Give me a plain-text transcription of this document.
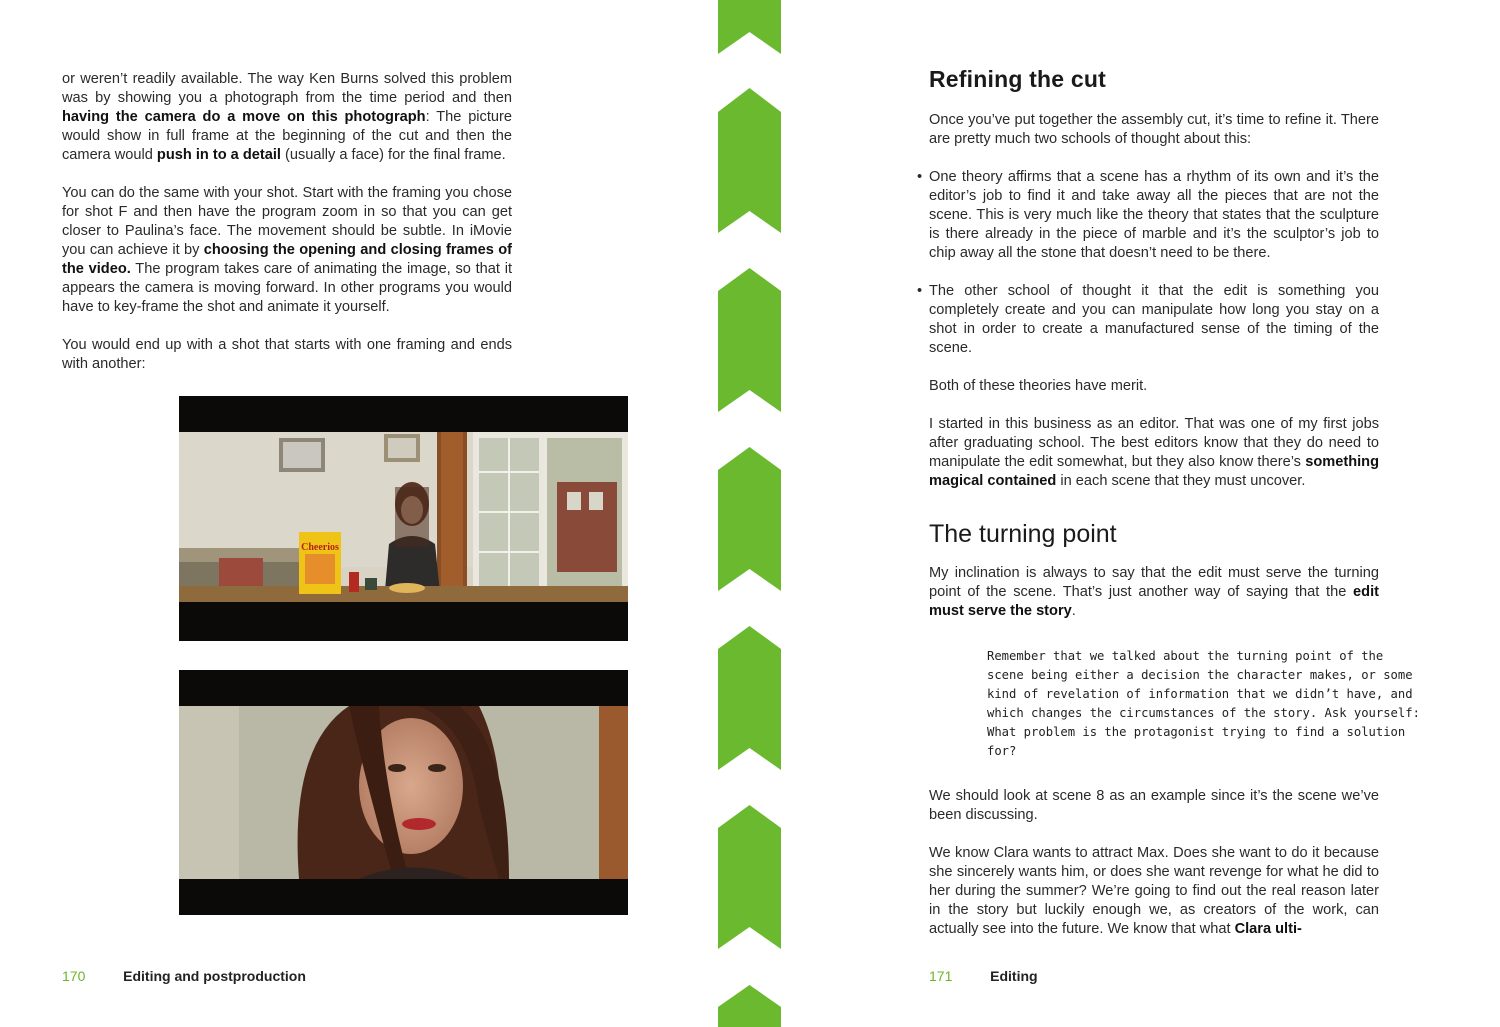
or weren’t readily available. The way Ken Burns solved this problem was by showing you a photograph from the time period and then having the camera do a move on this photograph: The picture would show in full frame at the beginning of the cut and then the camera would push in to a detail (usually a face) for the final frame.

You can do the same with your shot. Start with the framing you chose for shot F and then have the program zoom in so that you can get closer to Paulina’s face. The movement should be subtle. In iMovie you can achieve it by choosing the opening and closing frames of the video. The program takes care of animating the image, so that it appears the camera is moving forward. In other programs you would have to key-frame the shot and animate it yourself.

You would end up with a shot that starts with one framing and ends with another:

Cheerios
170	Editing and postproduction
Refining the cut

Once you’ve put together the assembly cut, it’s time to refine it. There are pretty much two schools of thought about this:

• One theory affirms that a scene has a rhythm of its own and it’s the editor’s job to find it and take away all the pieces that are not the scene. This is very much like the theory that states that the sculpture is there already in the piece of marble and it’s the sculptor’s job to chip away all the stone that doesn’t need to be there.
• The other school of thought it that the edit is something you completely create and you can manipulate how long you stay on a shot in order to create a manufactured sense of the timing of the scene.

Both of these theories have merit.

I started in this business as an editor. That was one of my first jobs after graduating school. The best editors know that they do need to manipulate the edit somewhat, but they also know there’s something magical contained in each scene that they must uncover.

The turning point

My inclination is always to say that the edit must serve the turning point of the scene. That’s just another way of saying that the edit must serve the story.

Remember that we talked about the turning point of the scene being either a decision the character makes, or some kind of revelation of information that we didn’t have, and which changes the circumstances of the story. Ask yourself: What problem is the protagonist trying to find a solution for?

We should look at scene 8 as an example since it’s the scene we’ve been discussing.

We know Clara wants to attract Max. Does she want to do it because she sincerely wants him, or does she want revenge for what he did to her during the summer? We’re going to find out the real reason later in the story but luckily enough we, as creators of the work, can actually see into the future. We know that what Clara ulti-

171	Editing
